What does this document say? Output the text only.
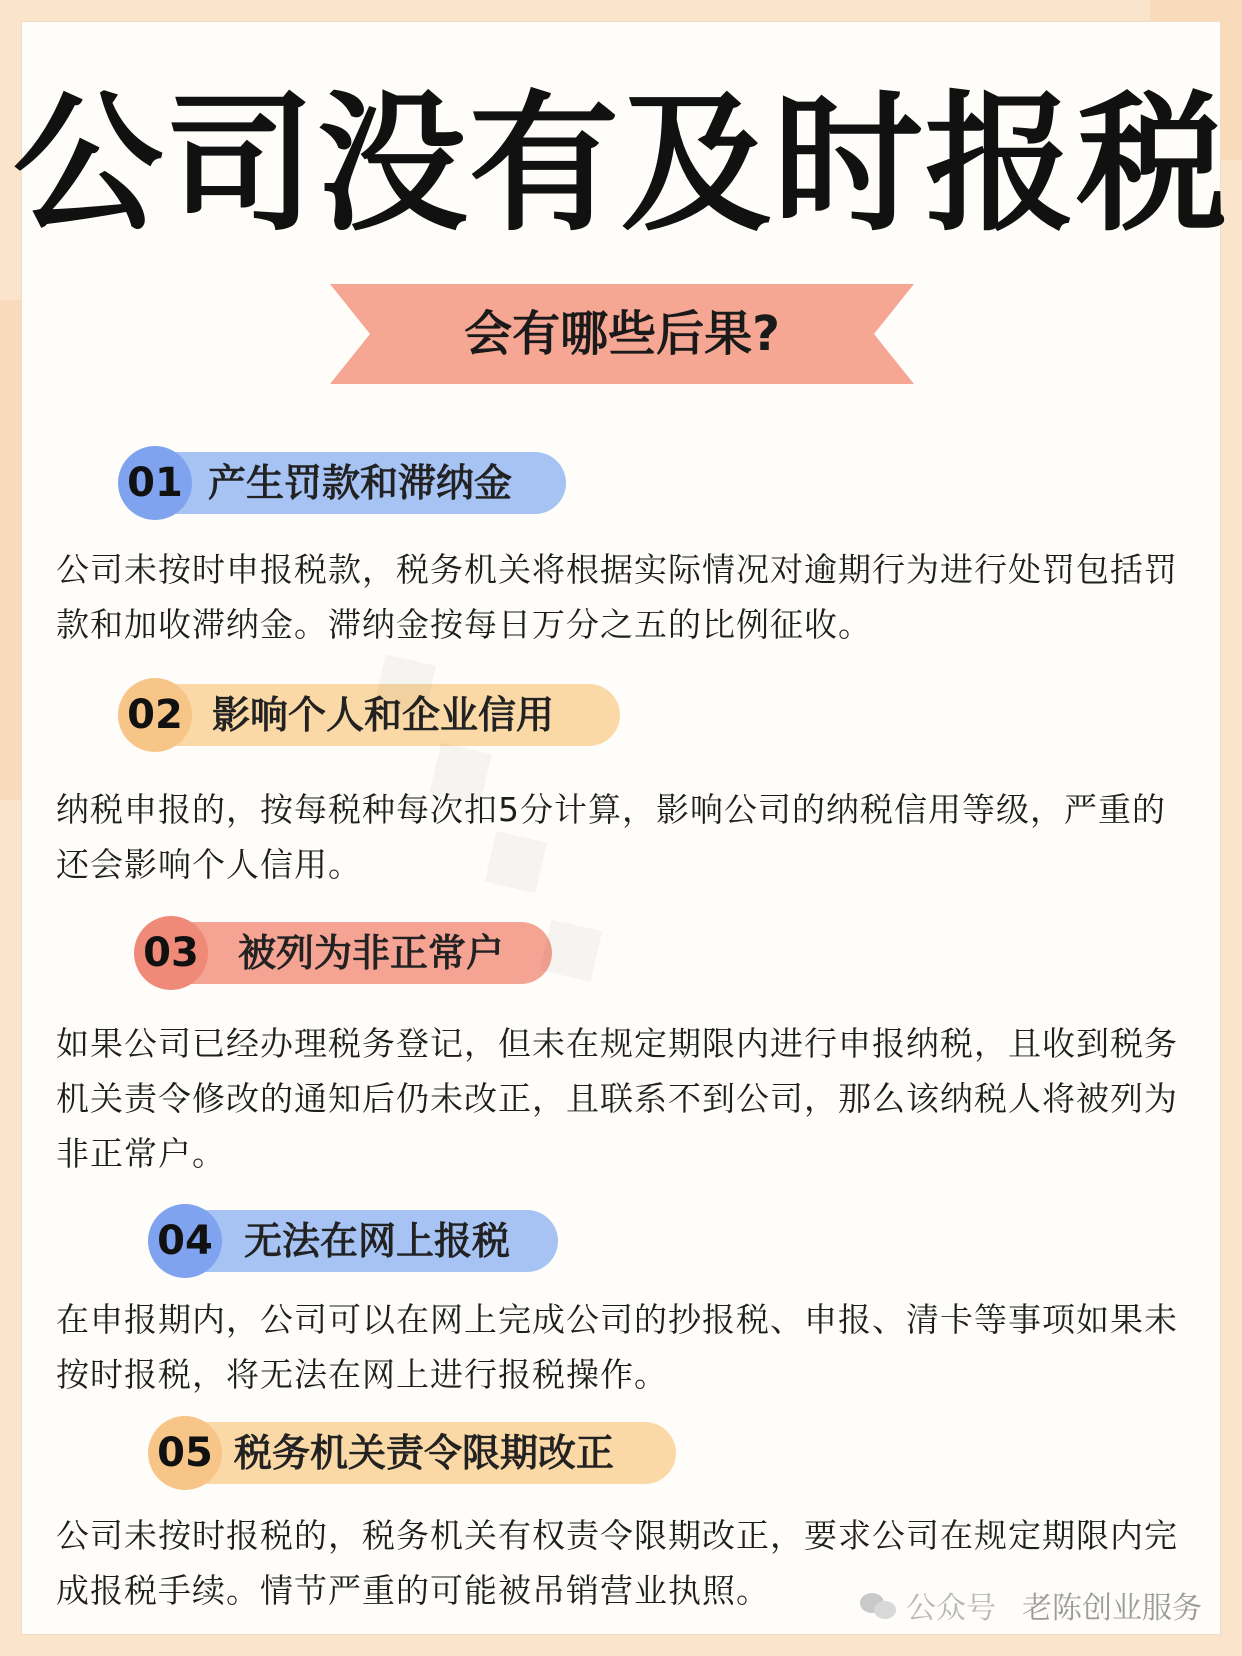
公司没有及时报税
会有哪些后果?
01 产生罚款和滞纳金

公司未按时申报税款，税务机关将根据实际情况对逾期行为进行处罚包括罚款和加收滞纳金。滞纳金按每日万分之五的比例征收。

02 影响个人和企业信用

纳税申报的，按每税种每次扣5分计算，影响公司的纳税信用等级，严重的还会影响个人信用。

03 被列为非正常户

如果公司已经办理税务登记，但未在规定期限内进行申报纳税，且收到税务机关责令修改的通知后仍未改正，且联系不到公司，那么该纳税人将被列为非正常户。

04 无法在网上报税

在申报期内，公司可以在网上完成公司的抄报税、申报、清卡等事项如果未按时报税，将无法在网上进行报税操作。

05 税务机关责令限期改正

公司未按时报税的，税务机关有权责令限期改正，要求公司在规定期限内完成报税手续。情节严重的可能被吊销营业执照。	公众号 老陈创业服务
